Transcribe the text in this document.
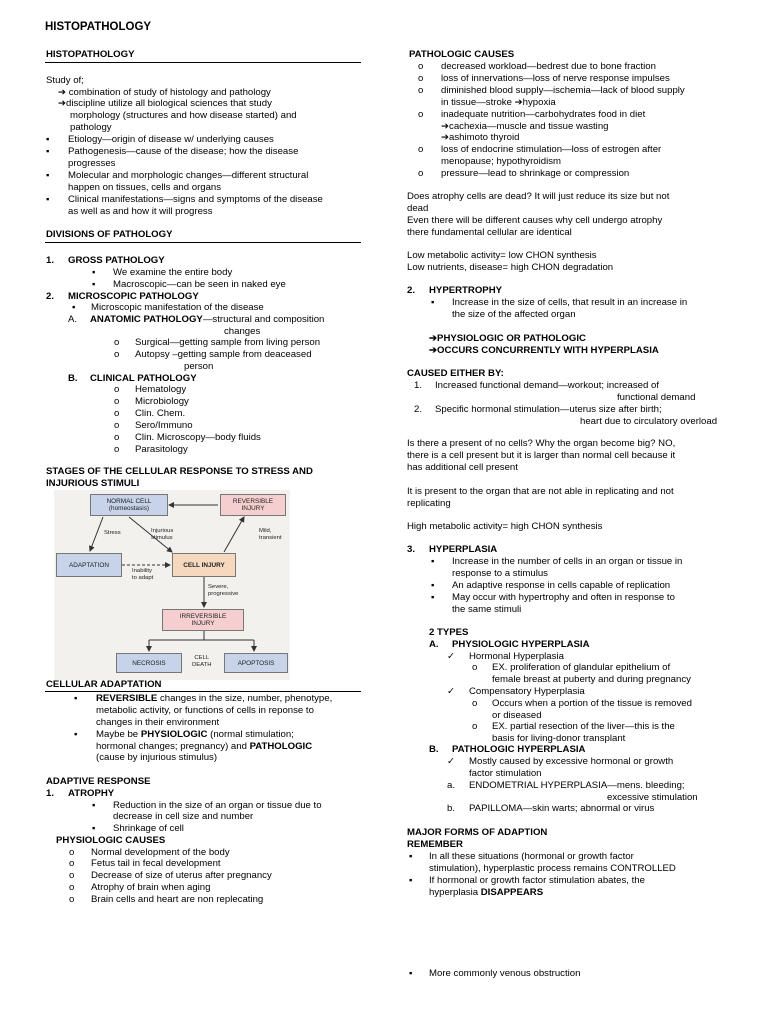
HISTOPATHOLOGY
HISTOPATHOLOGY
Study of;
➔ combination of study of histology and pathology
➔discipline utilize all biological sciences that study
morphology (structures and how disease started) and
pathology
▪ Etiology—origin of disease w/ underlying causes
▪ Pathogenesis—cause of the disease; how the disease
progresses
▪ Molecular and morphologic changes—different structural
happen on tissues, cells and organs
▪ Clinical manifestations—signs and symptoms of the disease
as well as and how it will progress
DIVISIONS OF PATHOLOGY
1. GROSS PATHOLOGY
▪ We examine the entire body
▪ Macroscopic—can be seen in naked eye
2. MICROSCOPIC PATHOLOGY
▪ Microscopic manifestation of the disease
A. ANATOMIC PATHOLOGY—structural and composition
changes
o Surgical—getting sample from living person
o Autopsy –getting sample from deaceased
person
B. CLINICAL PATHOLOGY
o Hematology
o Microbiology
o Clin. Chem.
o Sero/Immuno
o Clin. Microscopy—body fluids
o Parasitology
STAGES OF THE CELLULAR RESPONSE TO STRESS AND
INJURIOUS STIMULI
NORMAL CELL
(homeostasis)
REVERSIBLE
INJURY
Stress	Injurious
stimulus
Mild,
transient
ADAPTATION	CELL INJURY
Inability
to adapt
Severe,
progressive
IRREVERSIBLE
INJURY
NECROSIS
CELL
DEATH	APOPTOSIS
CELLULAR ADAPTATION
▪ REVERSIBLE changes in the size, number, phenotype,
metabolic activity, or functions of cells in reponse to
changes in their environment
▪ Maybe be PHYSIOLOGIC (normal stimulation;
hormonal changes; pregnancy) and PATHOLOGIC
(cause by injurious stimulus)
ADAPTIVE RESPONSE
1. ATROPHY
▪ Reduction in the size of an organ or tissue due to
decrease in cell size and number
▪ Shrinkage of cell
PHYSIOLOGIC CAUSES
o Normal development of the body
o Fetus tail in fecal development
o Decrease of size of uterus after pregnancy
o Atrophy of brain when aging
o Brain cells and heart are non replecating
PATHOLOGIC CAUSES
o decreased workload—bedrest due to bone fraction
o loss of innervations—loss of nerve response impulses
o diminished blood supply—ischemia—lack of blood supply
in tissue—stroke ➔hypoxia
o inadequate nutrition—carbohydrates food in diet
➔cachexia—muscle and tissue wasting
➔ashimoto thyroid
o loss of endocrine stimulation—loss of estrogen after
menopause; hypothyroidism
o pressure—lead to shrinkage or compression
Does atrophy cells are dead? It will just reduce its size but not
dead
Even there will be different causes why cell undergo atrophy
there fundamental cellular are identical
Low metabolic activity= low CHON synthesis
Low nutrients, disease= high CHON degradation
2. HYPERTROPHY
▪ Increase in the size of cells, that result in an increase in
the size of the affected organ
➔PHYSIOLOGIC OR PATHOLOGIC
➔OCCURS CONCURRENTLY WITH HYPERPLASIA
CAUSED EITHER BY:
1. Increased functional demand—workout; increased of
functional demand
2. Specific hormonal stimulation—uterus size after birth;
heart due to circulatory overload
Is there a present of no cells? Why the organ become big? NO,
there is a cell present but it is larger than normal cell because it
has additional cell present
It is present to the organ that are not able in replicating and not
replicating
High metabolic activity= high CHON synthesis
3. HYPERPLASIA
▪ Increase in the number of cells in an organ or tissue in
response to a stimulus
▪ An adaptive response in cells capable of replication
▪ May occur with hypertrophy and often in response to
the same stimuli
2 TYPES
A. PHYSIOLOGIC HYPERPLASIA
✓ Hormonal Hyperplasia
o EX. proliferation of glandular epithelium of
female breast at puberty and during pregnancy
✓ Compensatory Hyperplasia
o Occurs when a portion of the tissue is removed
or diseased
o EX. partial resection of the liver—this is the
basis for living-donor transplant
B. PATHOLOGIC HYPERPLASIA
✓ Mostly caused by excessive hormonal or growth
factor stimulation
a. ENDOMETRIAL HYPERPLASIA—mens. bleeding;
excessive stimulation
b. PAPILLOMA—skin warts; abnormal or virus
MAJOR FORMS OF ADAPTION
REMEMBER
▪ In all these situations (hormonal or growth factor
stimulation), hyperplastic process remains CONTROLLED
▪ If hormonal or growth factor stimulation abates, the
hyperplasia DISAPPEARS
▪ More commonly venous obstruction
